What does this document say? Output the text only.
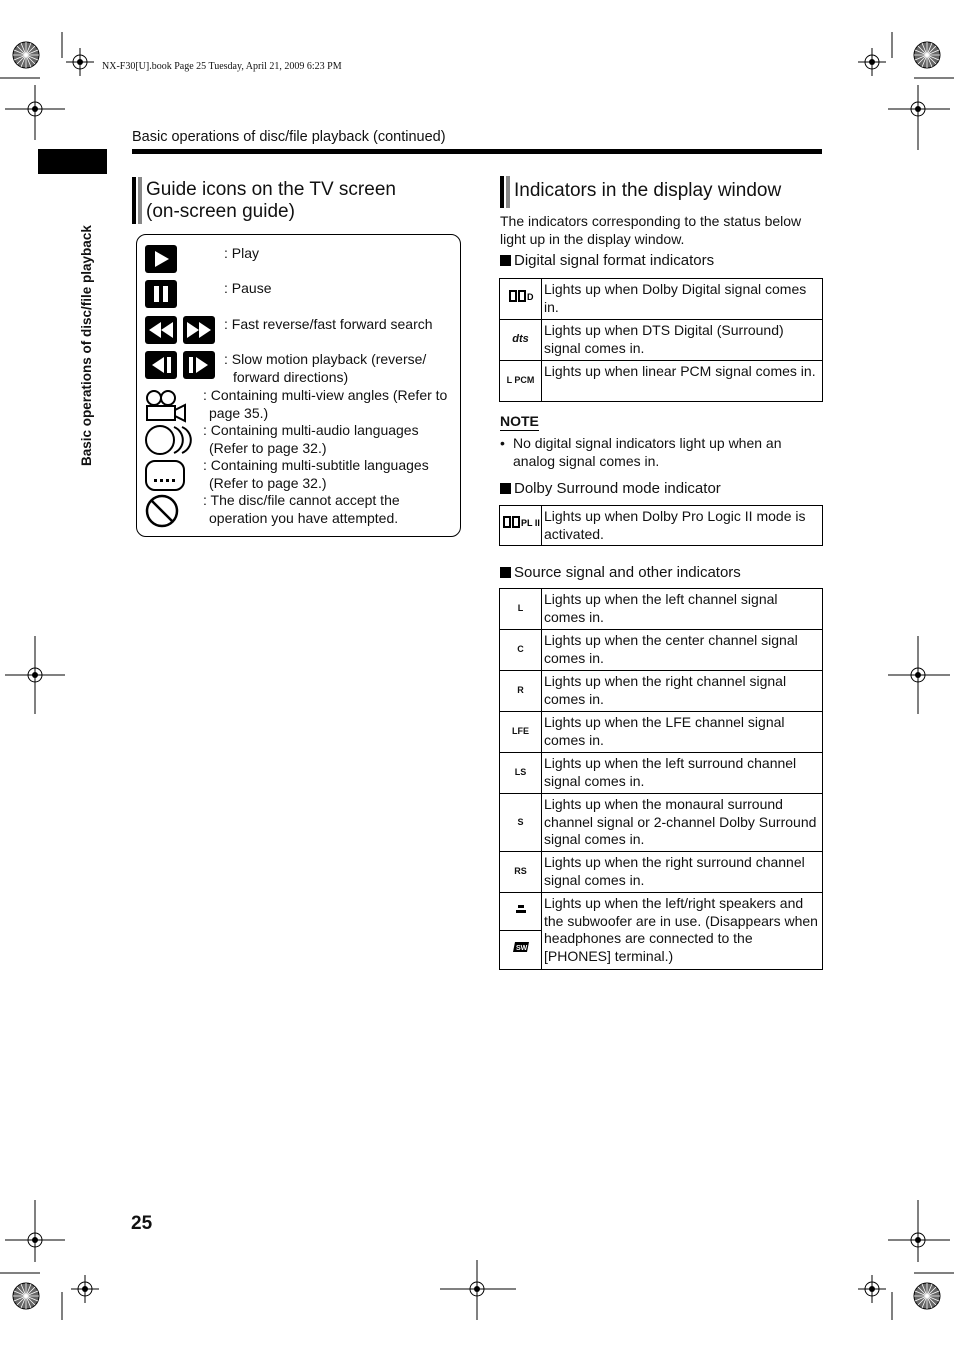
NX-F30[U].book Page 25 Tuesday, April 21, 2009 6:23 PM
Basic operations of disc/file playback (continued)
Basic operations of disc/file playback
Guide icons on the TV screen
(on-screen guide)
: Play
: Pause
: Fast reverse/fast forward search
: Slow motion playback (reverse/
forward directions)
: Containing multi-view angles (Refer to
page 35.)
: Containing multi-audio languages
(Refer to page 32.)
: Containing multi-subtitle languages
(Refer to page 32.)
: The disc/file cannot accept the
operation you have attempted.
Indicators in the display window
The indicators corresponding to the status below light up in the display window.
Digital signal format indicators
D	Lights up when Dolby Digital signal comes in.
dts	Lights up when DTS Digital (Surround) signal comes in.
L PCM	Lights up when linear PCM signal comes in.
NOTE
• No digital signal indicators light up when an analog signal comes in.
Dolby Surround mode indicator
PL II	Lights up when Dolby Pro Logic II mode is activated.
Source signal and other indicators
L	Lights up when the left channel signal comes in.
C	Lights up when the center channel signal comes in.
R	Lights up when the right channel signal comes in.
LFE	Lights up when the LFE channel signal comes in.
LS	Lights up when the left surround channel signal comes in.
S	Lights up when the monaural surround channel signal or 2-channel Dolby Surround signal comes in.
RS	Lights up when the right surround channel signal comes in.
	Lights up when the left/right speakers and the subwoofer are in use. (Disappears when headphones are connected to the [PHONES] terminal.)

SW	
25
